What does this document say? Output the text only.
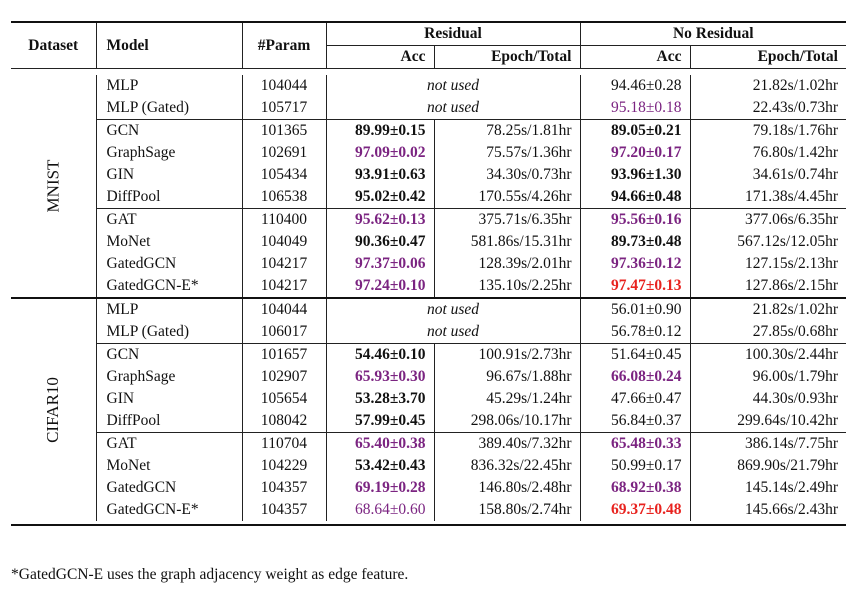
Dataset	Model	#Param	Residual		No Residual	
			Acc	Epoch/Total	Acc	Epoch/Total

MNIST	MLP	104044	not used		94.46±0.28	21.82s/1.02hr
	MLP (Gated)	105717	not used		95.18±0.18	22.43s/0.73hr
	GCN	101365	89.99±0.15	78.25s/1.81hr	89.05±0.21	79.18s/1.76hr
	GraphSage	102691	97.09±0.02	75.57s/1.36hr	97.20±0.17	76.80s/1.42hr
	GIN	105434	93.91±0.63	34.30s/0.73hr	93.96±1.30	34.61s/0.74hr
	DiffPool	106538	95.02±0.42	170.55s/4.26hr	94.66±0.48	171.38s/4.45hr
	GAT	110400	95.62±0.13	375.71s/6.35hr	95.56±0.16	377.06s/6.35hr
	MoNet	104049	90.36±0.47	581.86s/15.31hr	89.73±0.48	567.12s/12.05hr
	GatedGCN	104217	97.37±0.06	128.39s/2.01hr	97.36±0.12	127.15s/2.13hr
	GatedGCN-E*	104217	97.24±0.10	135.10s/2.25hr	97.47±0.13	127.86s/2.15hr
CIFAR10	MLP	104044	not used		56.01±0.90	21.82s/1.02hr
	MLP (Gated)	106017	not used		56.78±0.12	27.85s/0.68hr
	GCN	101657	54.46±0.10	100.91s/2.73hr	51.64±0.45	100.30s/2.44hr
	GraphSage	102907	65.93±0.30	96.67s/1.88hr	66.08±0.24	96.00s/1.79hr
	GIN	105654	53.28±3.70	45.29s/1.24hr	47.66±0.47	44.30s/0.93hr
	DiffPool	108042	57.99±0.45	298.06s/10.17hr	56.84±0.37	299.64s/10.42hr
	GAT	110704	65.40±0.38	389.40s/7.32hr	65.48±0.33	386.14s/7.75hr
	MoNet	104229	53.42±0.43	836.32s/22.45hr	50.99±0.17	869.90s/21.79hr
	GatedGCN	104357	69.19±0.28	146.80s/2.48hr	68.92±0.38	145.14s/2.49hr
	GatedGCN-E*	104357	68.64±0.60	158.80s/2.74hr	69.37±0.48	145.66s/2.43hr
*GatedGCN-E uses the graph adjacency weight as edge feature.
